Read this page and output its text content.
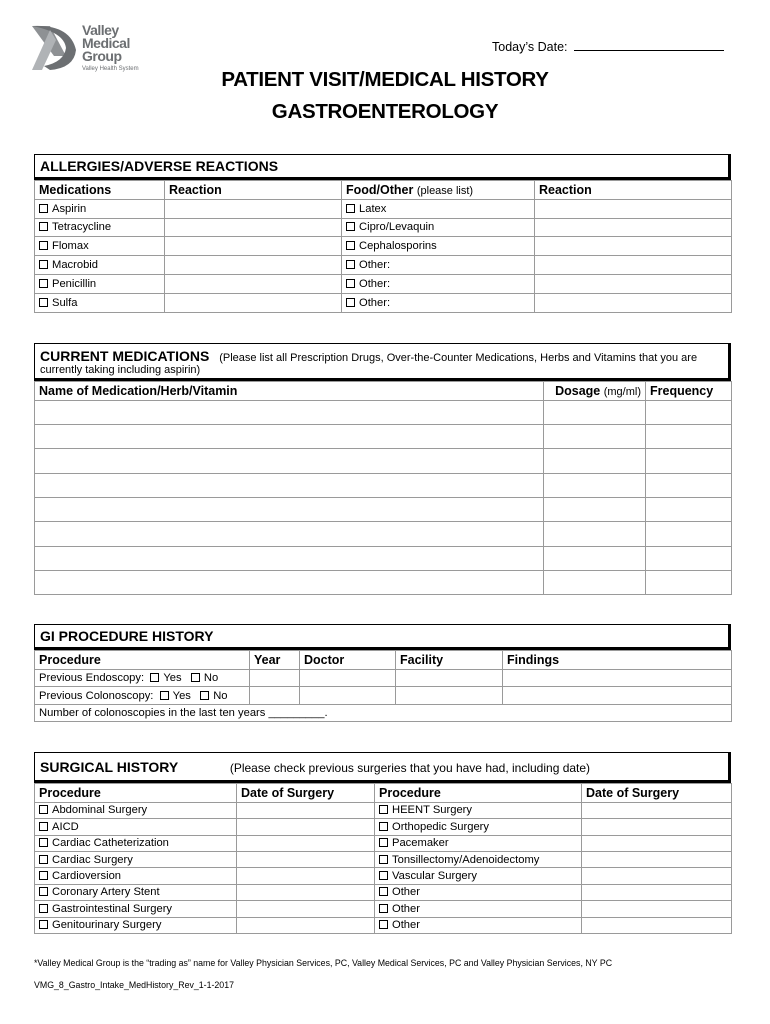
Valley
Medical
Group
Valley Health System
Today’s Date:
PATIENT VISIT/MEDICAL HISTORY
GASTROENTEROLOGY
ALLERGIES/ADVERSE REACTIONS
Medications	Reaction	Food/Other (please list)	Reaction
Aspirin		Latex	
Tetracycline		Cipro/Levaquin	
Flomax		Cephalosporins	
Macrobid		Other:	
Penicillin		Other:	
Sulfa		Other:	
CURRENT MEDICATIONS (Please list all Prescription Drugs, Over-the-Counter Medications, Herbs and Vitamins that you are
currently taking including aspirin)
Name of Medication/Herb/Vitamin	Dosage (mg/ml)	Frequency

GI PROCEDURE HISTORY
Procedure	Year	Doctor	Facility	Findings
Previous Endoscopy: Yes No				
Previous Colonoscopy: Yes No				
Number of colonoscopies in the last ten years _________.				
SURGICAL HISTORY	(Please check previous surgeries that you have had, including date)
Procedure	Date of Surgery	Procedure	Date of Surgery
Abdominal Surgery		HEENT Surgery	
AICD		Orthopedic Surgery	
Cardiac Catheterization		Pacemaker	
Cardiac Surgery		Tonsillectomy/Adenoidectomy	
Cardioversion		Vascular Surgery	
Coronary Artery Stent		Other	
Gastrointestinal Surgery		Other	
Genitourinary Surgery		Other	
*Valley Medical Group is the “trading as” name for Valley Physician Services, PC, Valley Medical Services, PC and Valley Physician Services, NY PC
VMG_8_Gastro_Intake_MedHistory_Rev_1-1-2017
